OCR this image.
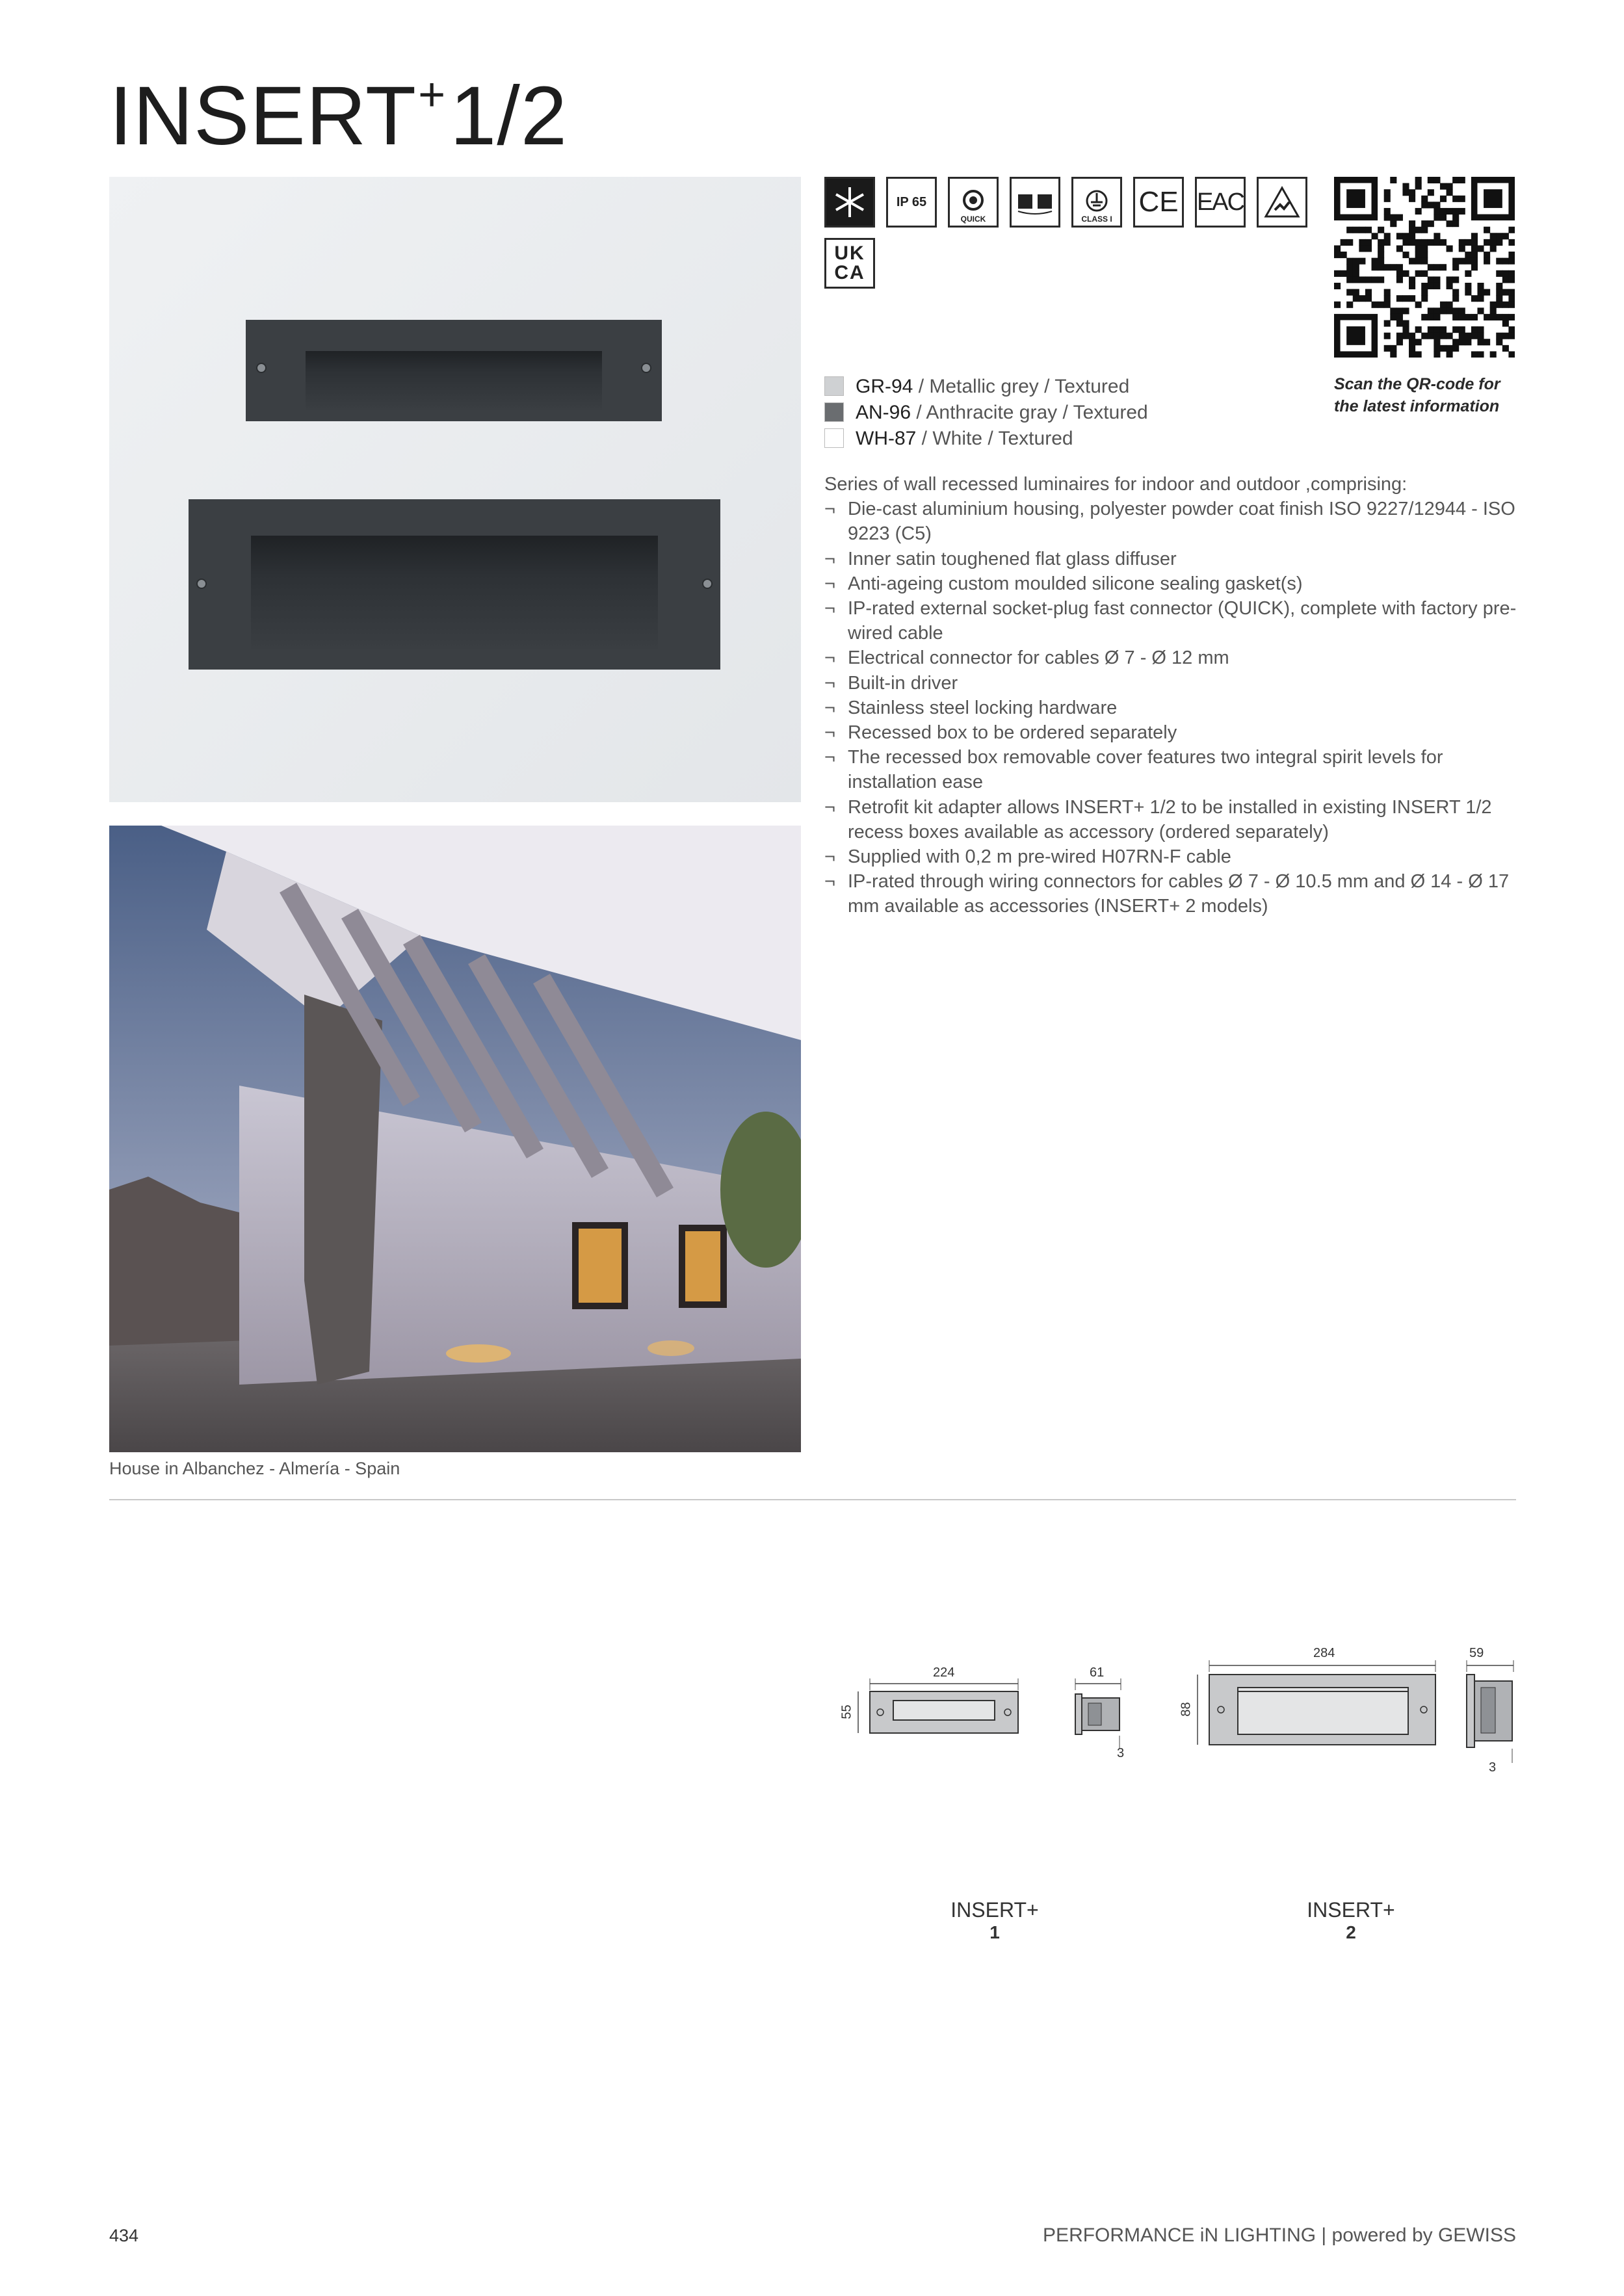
INSERT+1/2
House in Albanchez - Almería - Spain
IP 65
QUICK	CLASS I
CE EAC
UK CA
Scan the QR-code for the latest information
GR-94 / Metallic grey / Textured
AN-96 / Anthracite gray / Textured
WH-87 / White / Textured
Series of wall recessed luminaires for indoor and outdoor ,comprising:
¬ Die-cast aluminium housing, polyester powder coat finish ISO 9227/12944 - ISO 9223 (C5)
¬ Inner satin toughened flat glass diffuser
¬ Anti-ageing custom moulded silicone sealing gasket(s)
¬ IP-rated external socket-plug fast connector (QUICK), complete with factory pre-wired cable
¬ Electrical connector for cables Ø 7 - Ø 12 mm
¬ Built-in driver
¬ Stainless steel locking hardware
¬ Recessed box to be ordered separately
¬ The recessed box removable cover features two integral spirit levels for installation ease
¬ Retrofit kit adapter allows INSERT+ 1/2 to be installed in existing INSERT 1/2 recess boxes available as accessory (ordered separately)
¬ Supplied with 0,2 m pre-wired H07RN-F cable
¬ IP-rated through wiring connectors for cables Ø 7 - Ø 10.5 mm and Ø 14 - Ø 17 mm available as accessories (INSERT+ 2 models)
224	61
55
3
284	59
88
3
INSERT+
1
INSERT+
2
434	PERFORMANCE iN LIGHTING | powered by GEWISS
